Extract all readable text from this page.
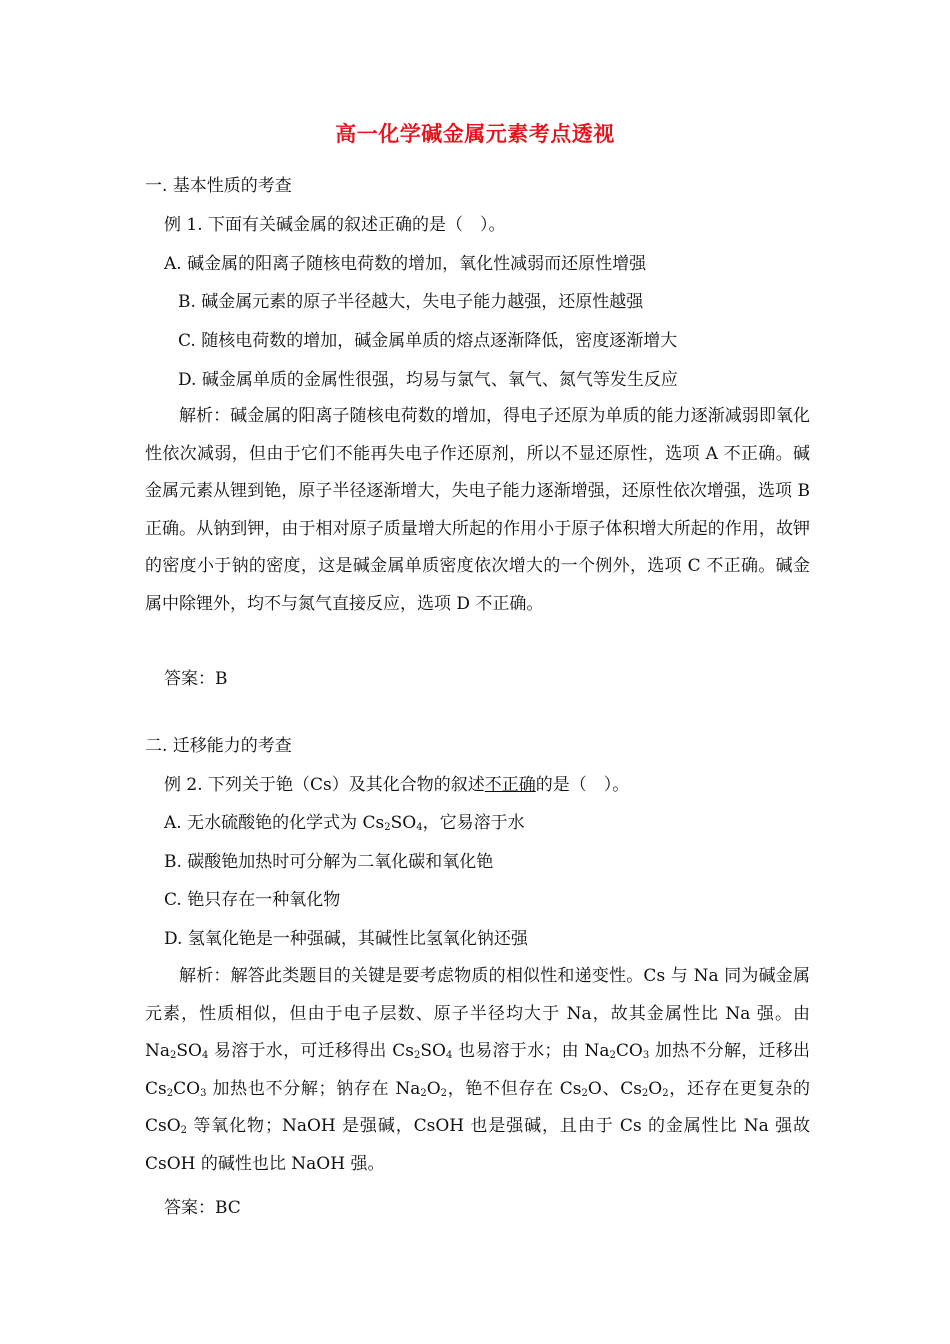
高一化学碱金属元素考点透视
一. 基本性质的考查
例 1. 下面有关碱金属的叙述正确的是（　）。
A. 碱金属的阳离子随核电荷数的增加，氧化性减弱而还原性增强
B. 碱金属元素的原子半径越大，失电子能力越强，还原性越强
C. 随核电荷数的增加，碱金属单质的熔点逐渐降低，密度逐渐增大
D. 碱金属单质的金属性很强，均易与氯气、氧气、氮气等发生反应
解析：碱金属的阳离子随核电荷数的增加，得电子还原为单质的能力逐渐减弱即氧化性依次减弱，但由于它们不能再失电子作还原剂，所以不显还原性，选项 A 不正确。碱金属元素从锂到铯，原子半径逐渐增大，失电子能力逐渐增强，还原性依次增强，选项 B 正确。从钠到钾，由于相对原子质量增大所起的作用小于原子体积增大所起的作用，故钾的密度小于钠的密度，这是碱金属单质密度依次增大的一个例外，选项 C 不正确。碱金属中除锂外，均不与氮气直接反应，选项 D 不正确。
答案：B
二. 迁移能力的考查
例 2. 下列关于铯（Cs）及其化合物的叙述不正确的是（　）。
A. 无水硫酸铯的化学式为 $Cs_2SO_4$，它易溶于水
B. 碳酸铯加热时可分解为二氧化碳和氧化铯
C. 铯只存在一种氧化物
D. 氢氧化铯是一种强碱，其碱性比氢氧化钠还强
解析：解答此类题目的关键是要考虑物质的相似性和递变性。Cs 与 Na 同为碱金属元素，性质相似，但由于电子层数、原子半径均大于 Na，故其金属性比 Na 强。由 $Na_2SO_4$ 易溶于水，可迁移得出 $Cs_2SO_4$ 也易溶于水；由 $Na_2CO_3$ 加热不分解，迁移出 $Cs_2CO_3$ 加热也不分解；钠存在 $Na_2O_2$，铯不但存在 $Cs_2O$、$Cs_2O_2$，还存在更复杂的 CsO$_2$ 等氧化物；NaOH 是强碱，CsOH 也是强碱，且由于 Cs 的金属性比 Na 强故 CsOH 的碱性也比 NaOH 强。
答案：BC
